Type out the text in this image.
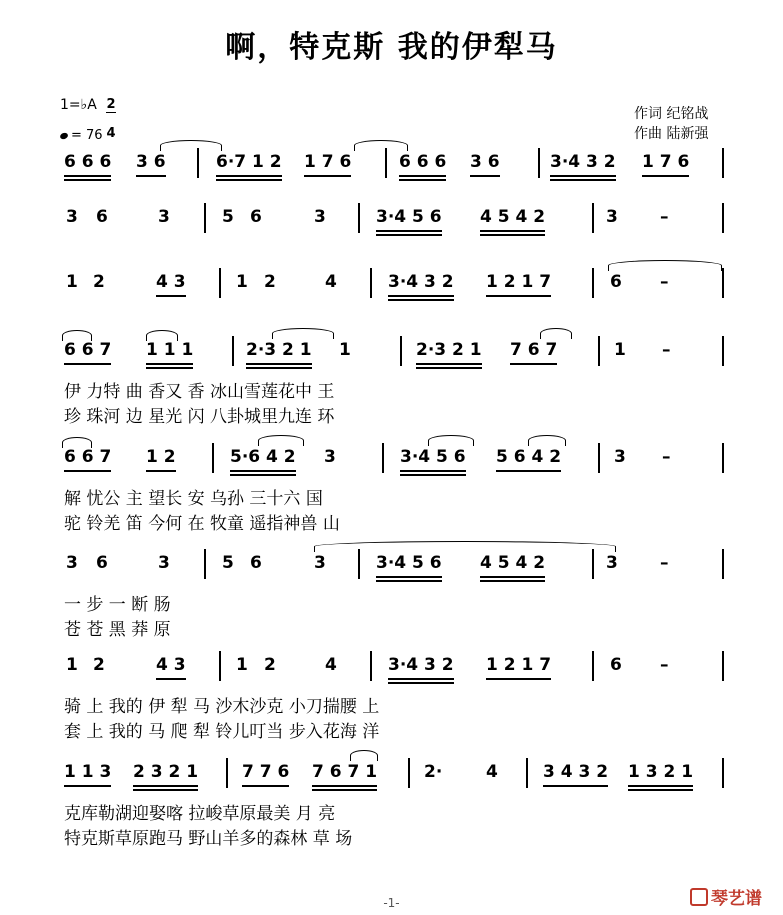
啊，特克斯 我的伊犁马
作词 纪铭战
作曲 陆新强
1=♭A 2
4
= 76
6 6 6 3 6	6·7 1 2 1 7 6	6 6 6 3 6	3·4 3 2 1 7 6
3 6	3	5 6	3	3·4 5 6 4 5 4 2	3 –
1 2	4 3	1 2	4	3·4 3 2 1 2 1 7	6 –
6 6 7 1 1 1	2·3 2 1 1	2·3 2 1 7 6 7	1 –
伊 力特 曲 香又 香 冰山雪莲花中 王
珍 珠河 边 星光 闪 八卦城里九连 环
6 6 7 1 2	5·6 4 2 3	3·4 5 6 5 6 4 2	3 –
解 忧公 主 望长 安 乌孙 三十六 国
驼 铃羌 笛 今何 在 牧童 遥指神兽 山
3 6	3	5 6	3	3·4 5 6 4 5 4 2	3 –
一 步 一 断 肠
苍 苍 黑 莽 原
1 2	4 3	1 2	4	3·4 3 2 1 2 1 7	6 –
骑 上 我的 伊 犁 马 沙木沙克 小刀揣腰 上
套 上 我的 马 爬 犁 铃儿叮当 步入花海 洋
1 1 3 2 3 2 1	7 7 6 7 6 7 1	2·	4	3 4 3 2 1 3 2 1
克库勒湖迎娶喀 拉峻草原最美 月 亮
特克斯草原跑马 野山羊多的森林 草 场
-1-	琴艺谱
